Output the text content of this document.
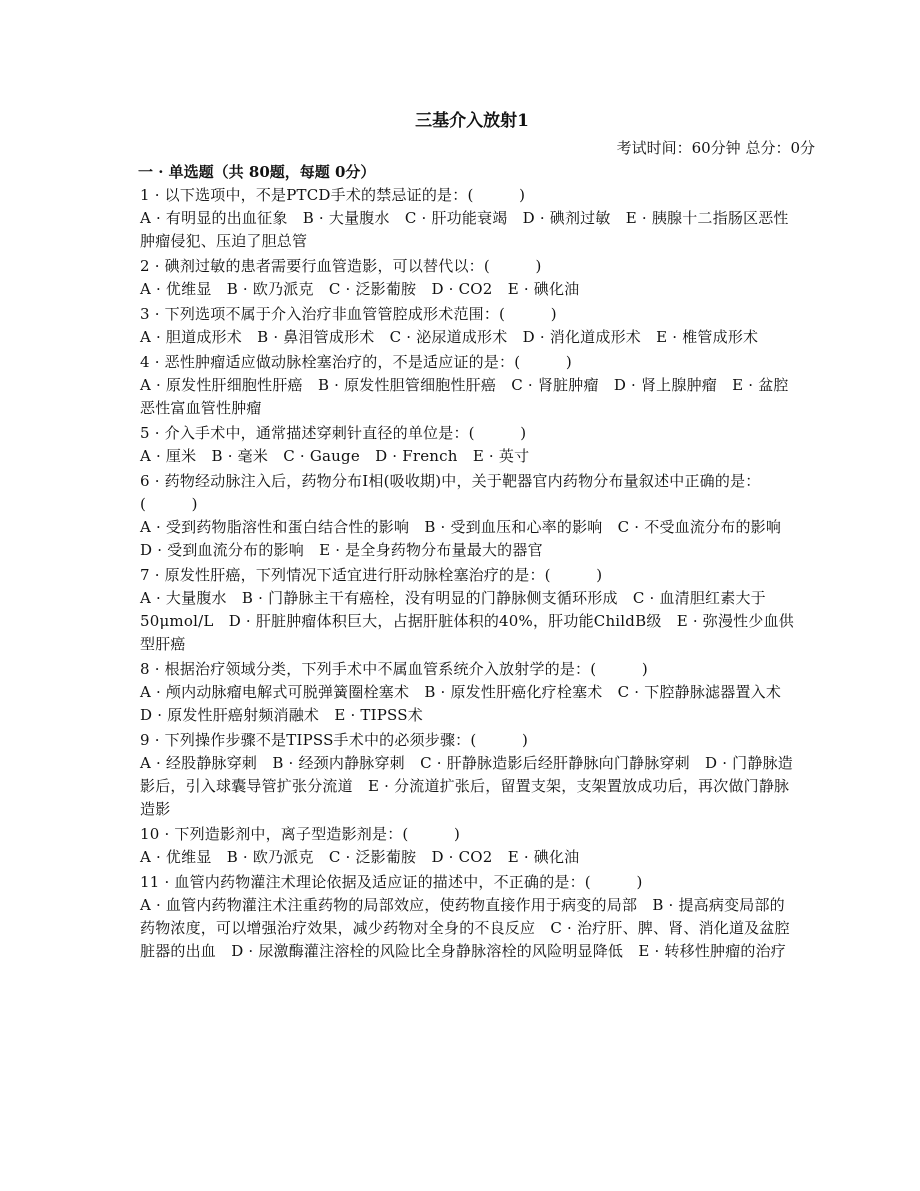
三基介入放射1
考试时间：60分钟 总分：0分
一 · 单选题（共 80题，每题 0分）

1 · 以下选项中，不是PTCD手术的禁忌证的是：(　　　)

A · 有明显的出血征象　B · 大量腹水　C · 肝功能衰竭　D · 碘剂过敏　E · 胰腺十二指肠区恶性肿瘤侵犯、压迫了胆总管

2 · 碘剂过敏的患者需要行血管造影，可以替代以：(　　　)

A · 优维显　B · 欧乃派克　C · 泛影葡胺　D · CO2　E · 碘化油

3 · 下列选项不属于介入治疗非血管管腔成形术范围：(　　　)

A · 胆道成形术　B · 鼻泪管成形术　C · 泌尿道成形术　D · 消化道成形术　E · 椎管成形术

4 · 恶性肿瘤适应做动脉栓塞治疗的，不是适应证的是：(　　　)

A · 原发性肝细胞性肝癌　B · 原发性胆管细胞性肝癌　C · 肾脏肿瘤　D · 肾上腺肿瘤　E · 盆腔恶性富血管性肿瘤

5 · 介入手术中，通常描述穿刺针直径的单位是：(　　　)

A · 厘米　B · 毫米　C · Gauge　D · French　E · 英寸

6 · 药物经动脉注入后，药物分布I相(吸收期)中，关于靶器官内药物分布量叙述中正确的是：(　　　)

A · 受到药物脂溶性和蛋白结合性的影响　B · 受到血压和心率的影响　C · 不受血流分布的影响　D · 受到血流分布的影响　E · 是全身药物分布量最大的器官

7 · 原发性肝癌，下列情况下适宜进行肝动脉栓塞治疗的是：(　　　)

A · 大量腹水　B · 门静脉主干有癌栓，没有明显的门静脉侧支循环形成　C · 血清胆红素大于50μmol/L　D · 肝脏肿瘤体积巨大，占据肝脏体积的40%，肝功能ChildB级　E · 弥漫性少血供型肝癌

8 · 根据治疗领域分类，下列手术中不属血管系统介入放射学的是：(　　　)

A · 颅内动脉瘤电解式可脱弹簧圈栓塞术　B · 原发性肝癌化疗栓塞术　C · 下腔静脉滤器置入术　D · 原发性肝癌射频消融术　E · TIPSS术

9 · 下列操作步骤不是TIPSS手术中的必须步骤：(　　　)

A · 经股静脉穿刺　B · 经颈内静脉穿刺　C · 肝静脉造影后经肝静脉向门静脉穿刺　D · 门静脉造影后，引入球囊导管扩张分流道　E · 分流道扩张后，留置支架，支架置放成功后，再次做门静脉造影

10 · 下列造影剂中，离子型造影剂是：(　　　)

A · 优维显　B · 欧乃派克　C · 泛影葡胺　D · CO2　E · 碘化油

11 · 血管内药物灌注术理论依据及适应证的描述中，不正确的是：(　　　)

A · 血管内药物灌注术注重药物的局部效应，使药物直接作用于病变的局部　B · 提高病变局部的药物浓度，可以增强治疗效果，减少药物对全身的不良反应　C · 治疗肝、脾、肾、消化道及盆腔脏器的出血　D · 尿激酶灌注溶栓的风险比全身静脉溶栓的风险明显降低　E · 转移性肿瘤的治疗
